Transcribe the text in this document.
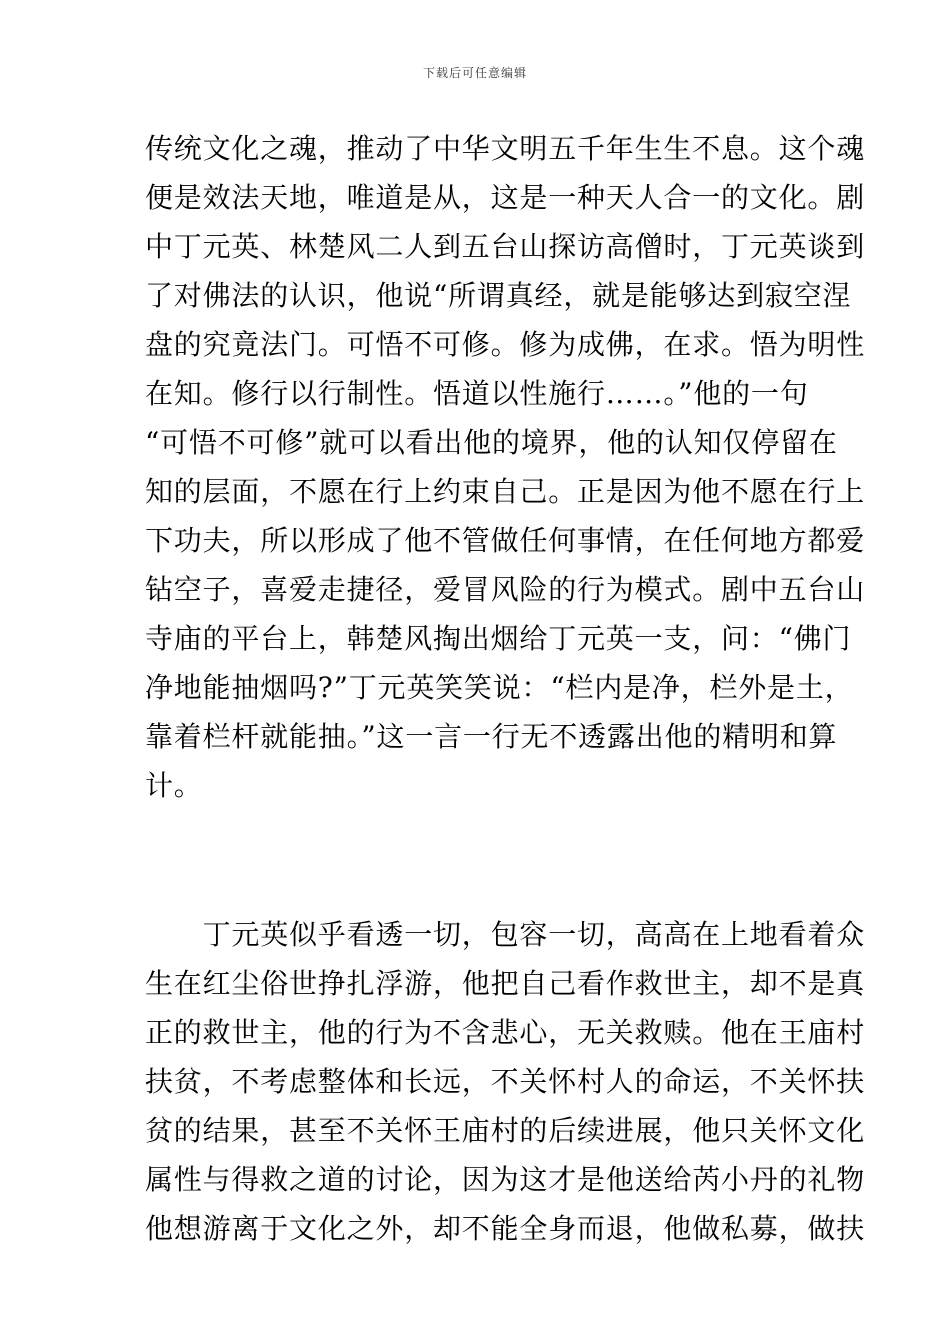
下载后可任意编辑
传统文化之魂，推动了中华文明五千年生生不息。这个魂
便是效法天地，唯道是从，这是一种天人合一的文化。剧
中丁元英、林楚风二人到五台山探访高僧时，丁元英谈到
了对佛法的认识，他说“所谓真经，就是能够达到寂空涅
盘的究竟法门。可悟不可修。修为成佛，在求。悟为明性
在知。修行以行制性。悟道以性施行……。”他的一句
“可悟不可修”就可以看出他的境界，他的认知仅停留在
知的层面，不愿在行上约束自己。正是因为他不愿在行上
下功夫，所以形成了他不管做任何事情，在任何地方都爱
钻空子，喜爱走捷径，爱冒风险的行为模式。剧中五台山
寺庙的平台上，韩楚风掏出烟给丁元英一支，问：“佛门
净地能抽烟吗?”丁元英笑笑说：“栏内是净，栏外是土，
靠着栏杆就能抽。”这一言一行无不透露出他的精明和算
计。
　　丁元英似乎看透一切，包容一切，高高在上地看着众
生在红尘俗世挣扎浮游，他把自己看作救世主，却不是真
正的救世主，他的行为不含悲心，无关救赎。他在王庙村
扶贫，不考虑整体和长远，不关怀村人的命运，不关怀扶
贫的结果，甚至不关怀王庙村的后续进展，他只关怀文化
属性与得救之道的讨论，因为这才是他送给芮小丹的礼物
他想游离于文化之外，却不能全身而退，他做私募，做扶
